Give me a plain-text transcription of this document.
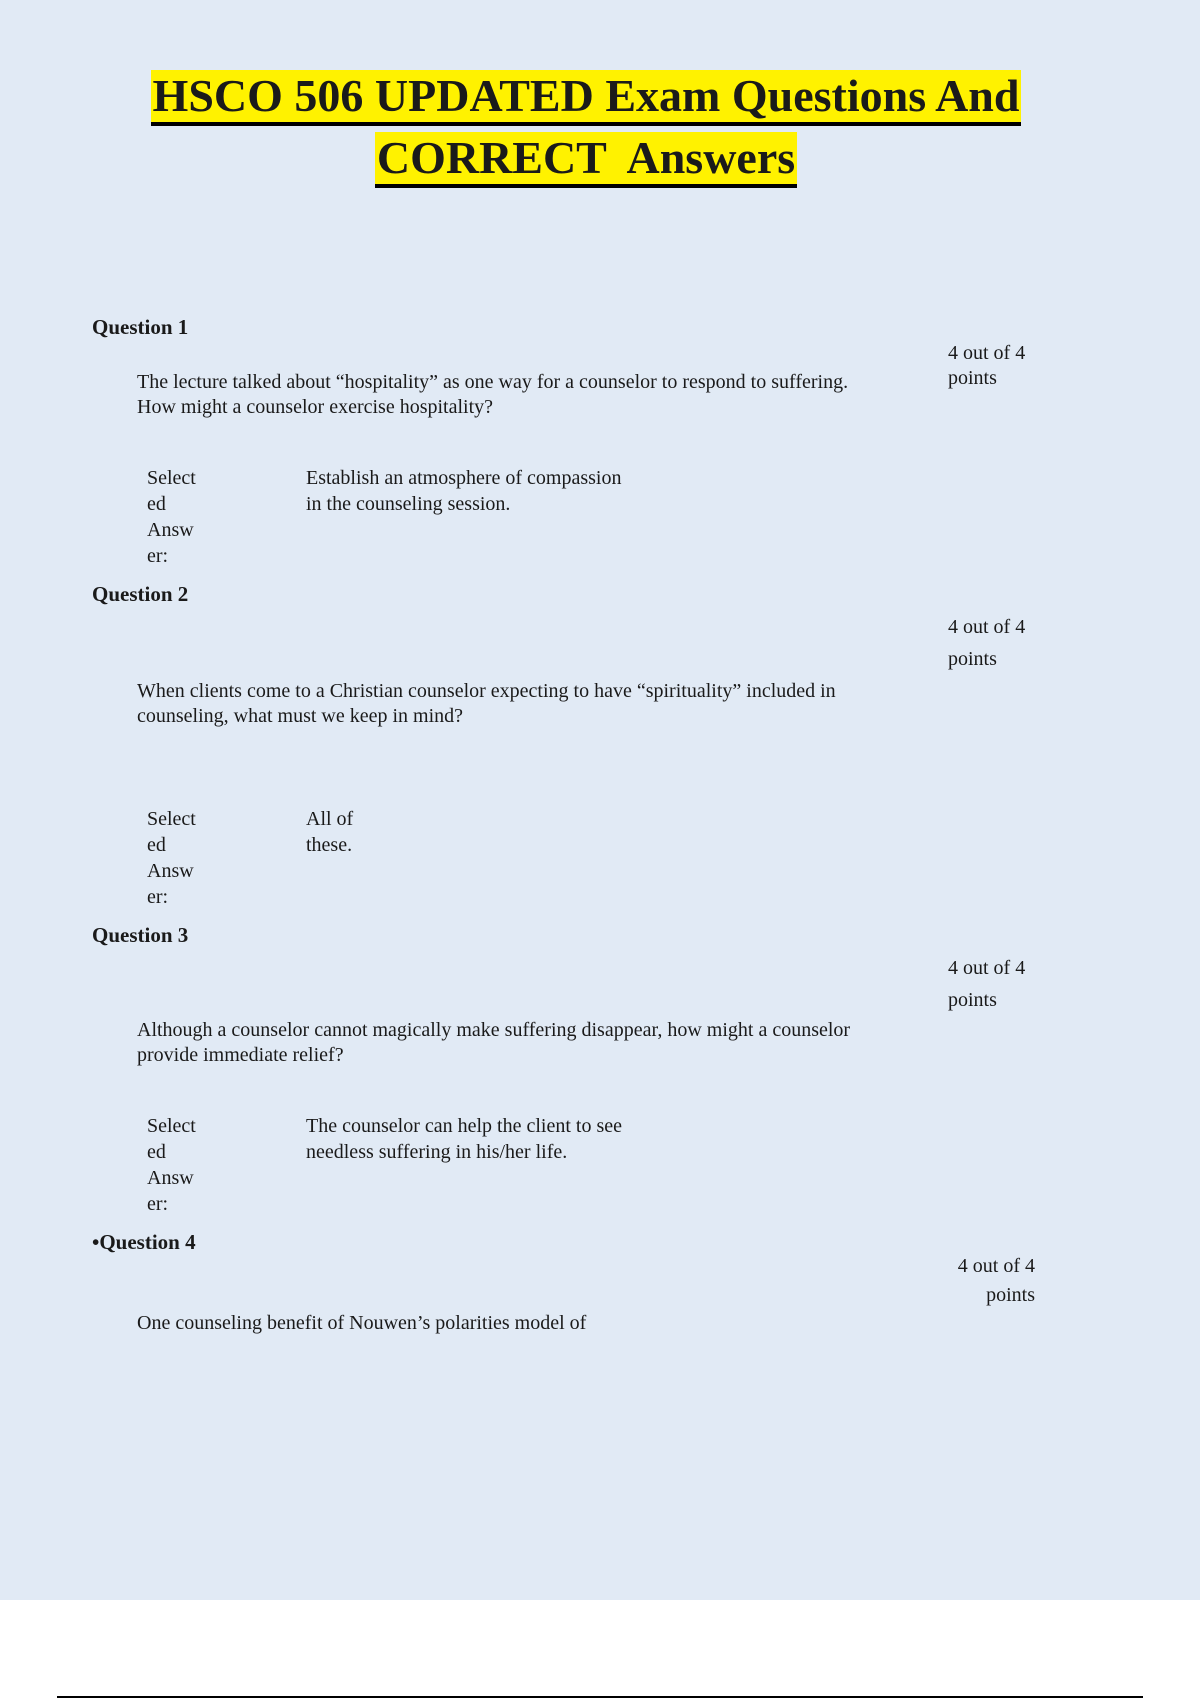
HSCO 506 UPDATED Exam Questions And
CORRECT  Answers
Question 1
4 out of 4
points
The lecture talked about “hospitality” as one way for a counselor to respond to suffering.
How might a counselor exercise hospitality?
Select
ed
Answ
er:
Establish an atmosphere of compassion
in the counseling session.
Question 2
4 out of 4
points
When clients come to a Christian counselor expecting to have “spirituality” included in
counseling, what must we keep in mind?
Select
ed
Answ
er:
All of
these.
Question 3
4 out of 4
points
Although a counselor cannot magically make suffering disappear, how might a counselor
provide immediate relief?
Select
ed
Answ
er:
The counselor can help the client to see
needless suffering in his/her life.
•Question 4
4 out of 4
points
One counseling benefit of Nouwen’s polarities model of
